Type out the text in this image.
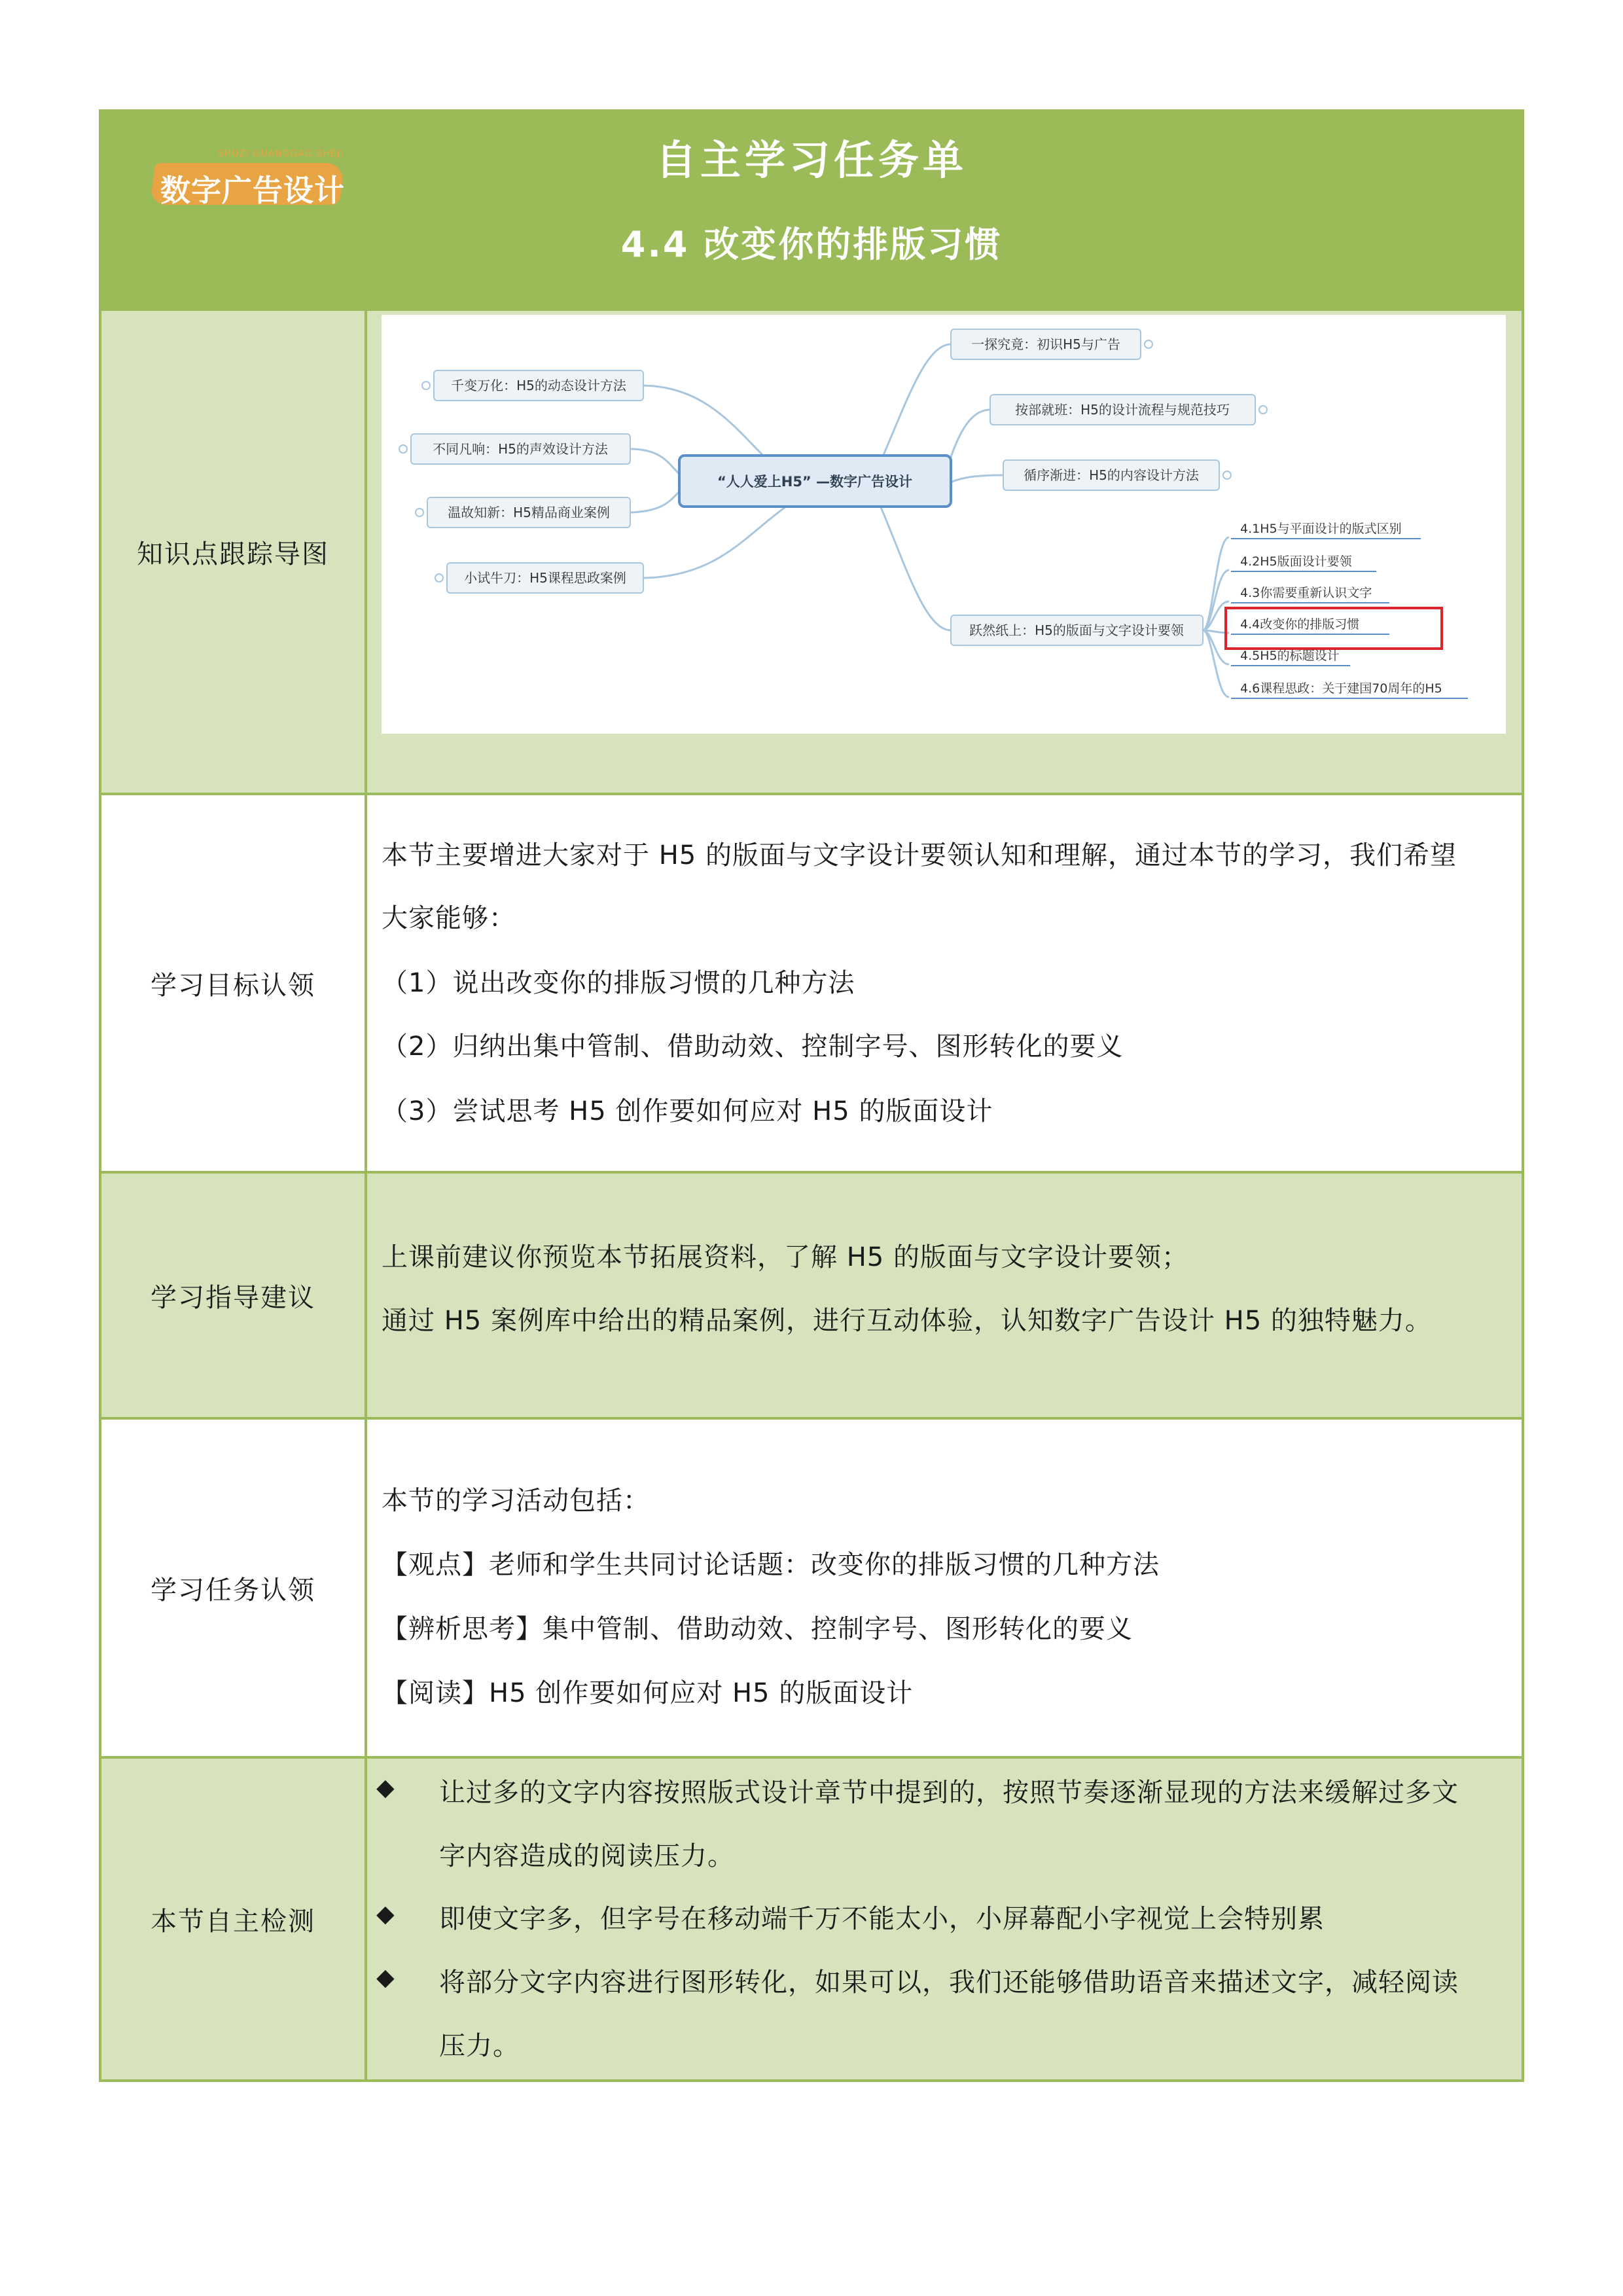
SHUZI GUANGGAO SHEJI
数字广告设计
自主学习任务单
4.4 改变你的排版习惯
知识点跟踪导图
“人人爱上H5” —数字广告设计
千变万化：H5的动态设计方法
不同凡响：H5的声效设计方法
温故知新：H5精品商业案例
小试牛刀：H5课程思政案例
一探究竟：初识H5与广告
按部就班：H5的设计流程与规范技巧
循序渐进：H5的内容设计方法
跃然纸上：H5的版面与文字设计要领
4.1H5与平面设计的版式区别
4.2H5版面设计要领
4.3你需要重新认识文字
4.4改变你的排版习惯
4.5H5的标题设计
4.6课程思政：关于建国70周年的H5
学习目标认领
本节主要增进大家对于 H5 的版面与文字设计要领认知和理解，通过本节的学习，我们希望
大家能够：
（1）说出改变你的排版习惯的几种方法
（2）归纳出集中管制、借助动效、控制字号、图形转化的要义
（3）尝试思考 H5 创作要如何应对 H5 的版面设计
学习指导建议
上课前建议你预览本节拓展资料，了解 H5 的版面与文字设计要领；
通过 H5 案例库中给出的精品案例，进行互动体验，认知数字广告设计 H5 的独特魅力。
学习任务认领
本节的学习活动包括：
【观点】老师和学生共同讨论话题：改变你的排版习惯的几种方法
【辨析思考】集中管制、借助动效、控制字号、图形转化的要义
【阅读】H5 创作要如何应对 H5 的版面设计
本节自主检测
◆ 让过多的文字内容按照版式设计章节中提到的，按照节奏逐渐显现的方法来缓解过多文
字内容造成的阅读压力。
◆ 即使文字多，但字号在移动端千万不能太小，小屏幕配小字视觉上会特别累
◆ 将部分文字内容进行图形转化，如果可以，我们还能够借助语音来描述文字，减轻阅读
压力。
